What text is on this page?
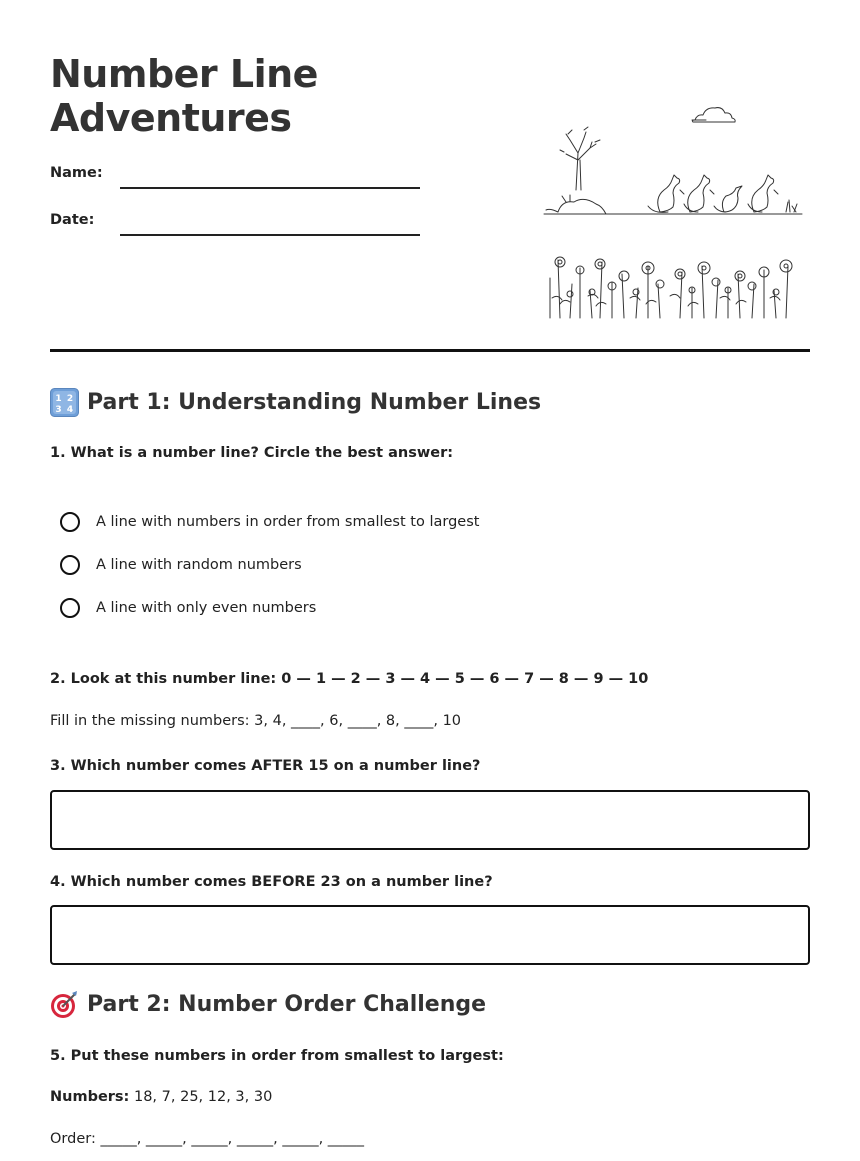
Number Line
Adventures
Name:
Date:
1 2
3 4 Part 1: Understanding Number Lines

1. What is a number line? Circle the best answer:

A line with numbers in order from smallest to largest
A line with random numbers
A line with only even numbers

2. Look at this number line: 0 — 1 — 2 — 3 — 4 — 5 — 6 — 7 — 8 — 9 — 10

Fill in the missing numbers: 3, 4, ____, 6, ____, 8, ____, 10

3. Which number comes AFTER 15 on a number line?

4. Which number comes BEFORE 23 on a number line?

Part 2: Number Order Challenge

5. Put these numbers in order from smallest to largest:

Numbers: 18, 7, 25, 12, 3, 30

Order: _____, _____, _____, _____, _____, _____
